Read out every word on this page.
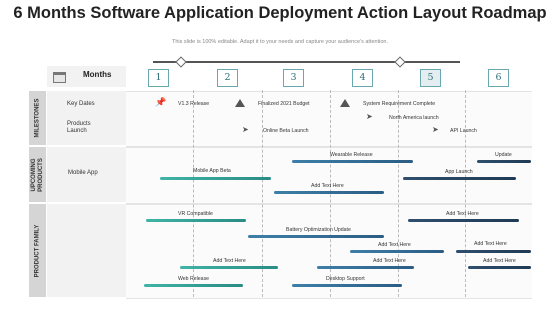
6 Months Software Application Deployment Action Layout Roadmap
This slide is 100% editable. Adapt it to your needs and capture your audience's attention.
Months	1	2	3	4	5	6
MILESTONES
UPCOMING PRODUCTS
PRODUCT FAMILY
Key Dates
Products
Launch
Mobile App
📌 V1.3 Release	Finalized 2021 Budget	System Requirement Complete
➤	North America launch
➤	Online Beta Launch	➤ API Launch
Wearable Release	Update
Mobile App Beta	App Launch
Add Text Here
VR Compatible	Add Text Here
Battery Optimization Update
Add Text Here	Add Text Here
Add Text Here	Add Text Here	Add Text Here
Web Release	Desktop Support
